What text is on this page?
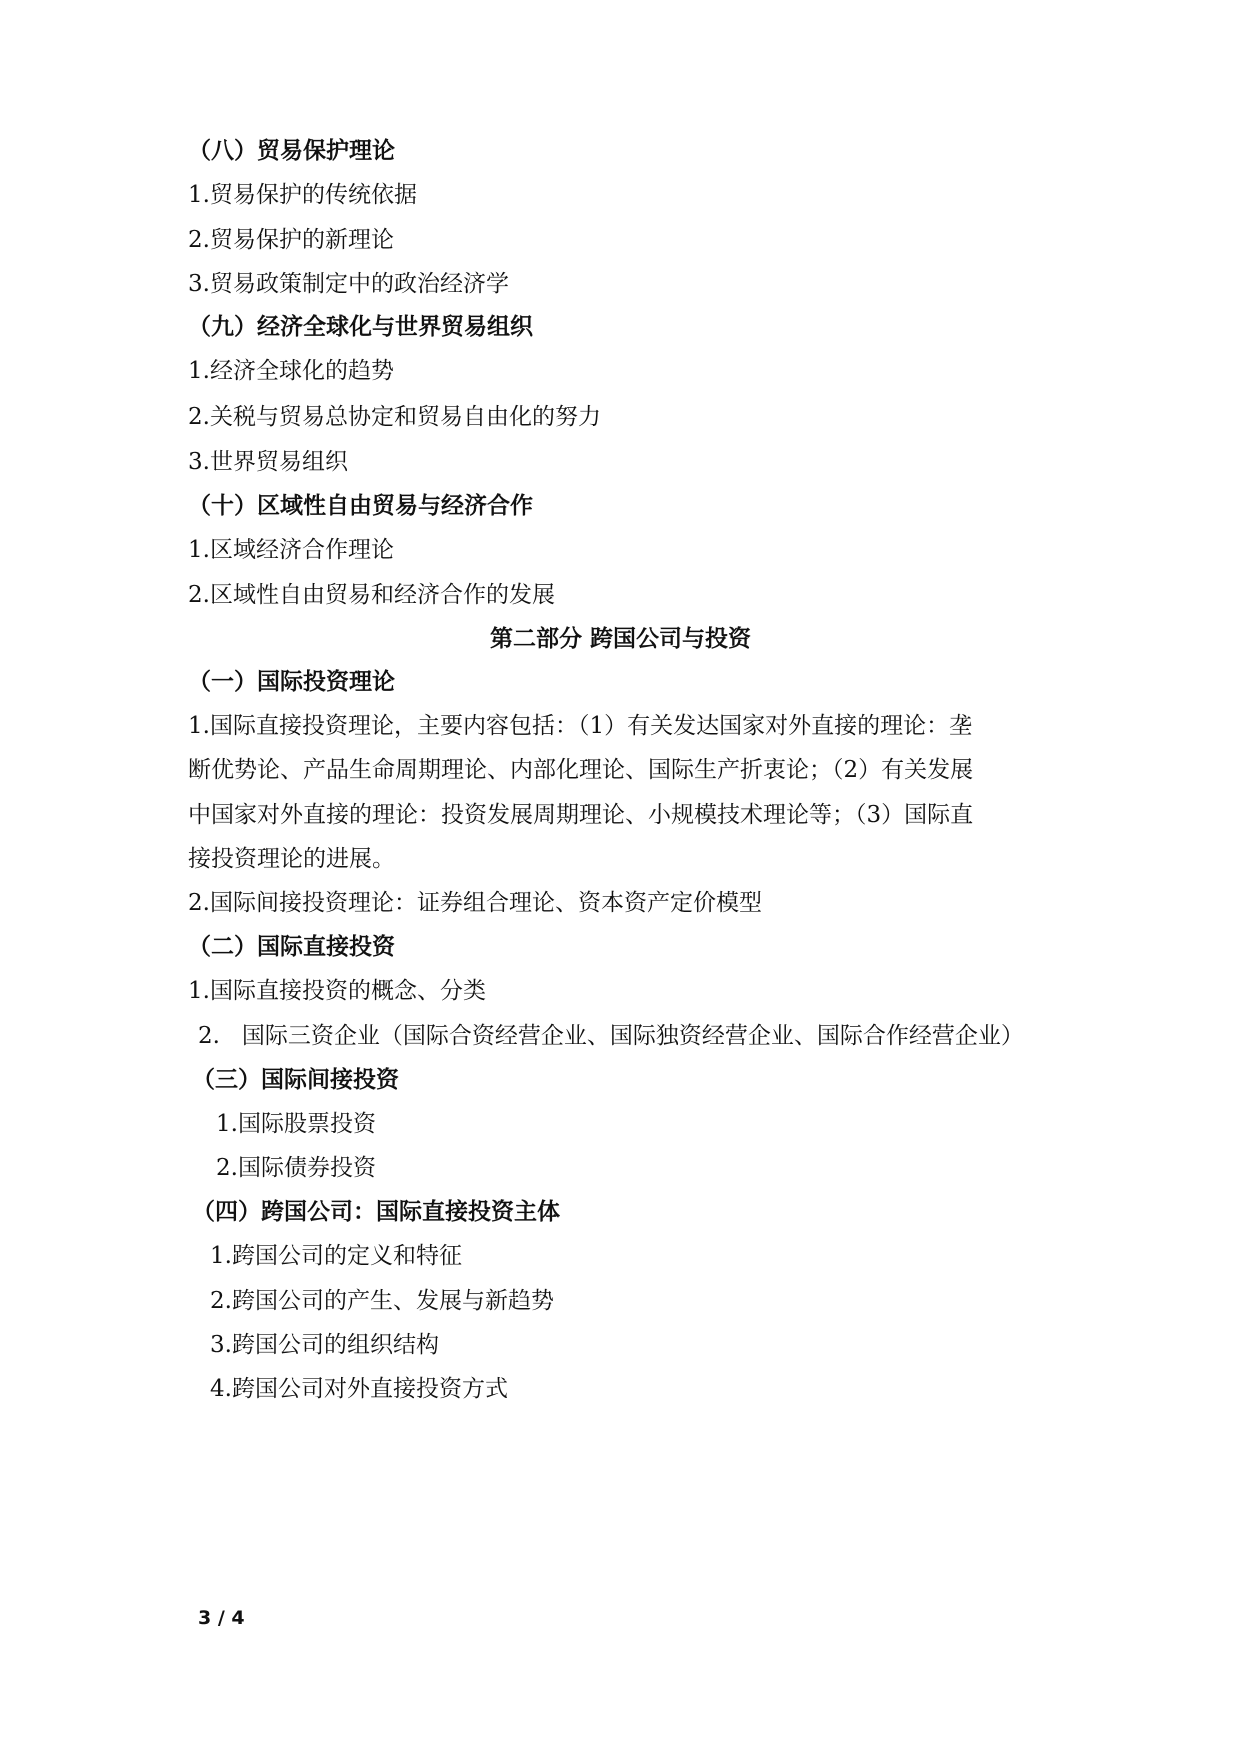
（八）贸易保护理论

1.贸易保护的传统依据

2.贸易保护的新理论

3.贸易政策制定中的政治经济学

（九）经济全球化与世界贸易组织

1.经济全球化的趋势

2.关税与贸易总协定和贸易自由化的努力

3.世界贸易组织

（十）区域性自由贸易与经济合作

1.区域经济合作理论

2.区域性自由贸易和经济合作的发展

第二部分 跨国公司与投资

（一）国际投资理论

1.国际直接投资理论，主要内容包括：（1）有关发达国家对外直接的理论：垄

断优势论、产品生命周期理论、内部化理论、国际生产折衷论；（2）有关发展

中国家对外直接的理论：投资发展周期理论、小规模技术理论等；（3）国际直

接投资理论的进展。

2.国际间接投资理论：证券组合理论、资本资产定价模型

（二）国际直接投资

1.国际直接投资的概念、分类

2.   国际三资企业（国际合资经营企业、国际独资经营企业、国际合作经营企业）

（三）国际间接投资

1.国际股票投资

2.国际债券投资

（四）跨国公司：国际直接投资主体

1.跨国公司的定义和特征

2.跨国公司的产生、发展与新趋势

3.跨国公司的组织结构

4.跨国公司对外直接投资方式

3 / 4
